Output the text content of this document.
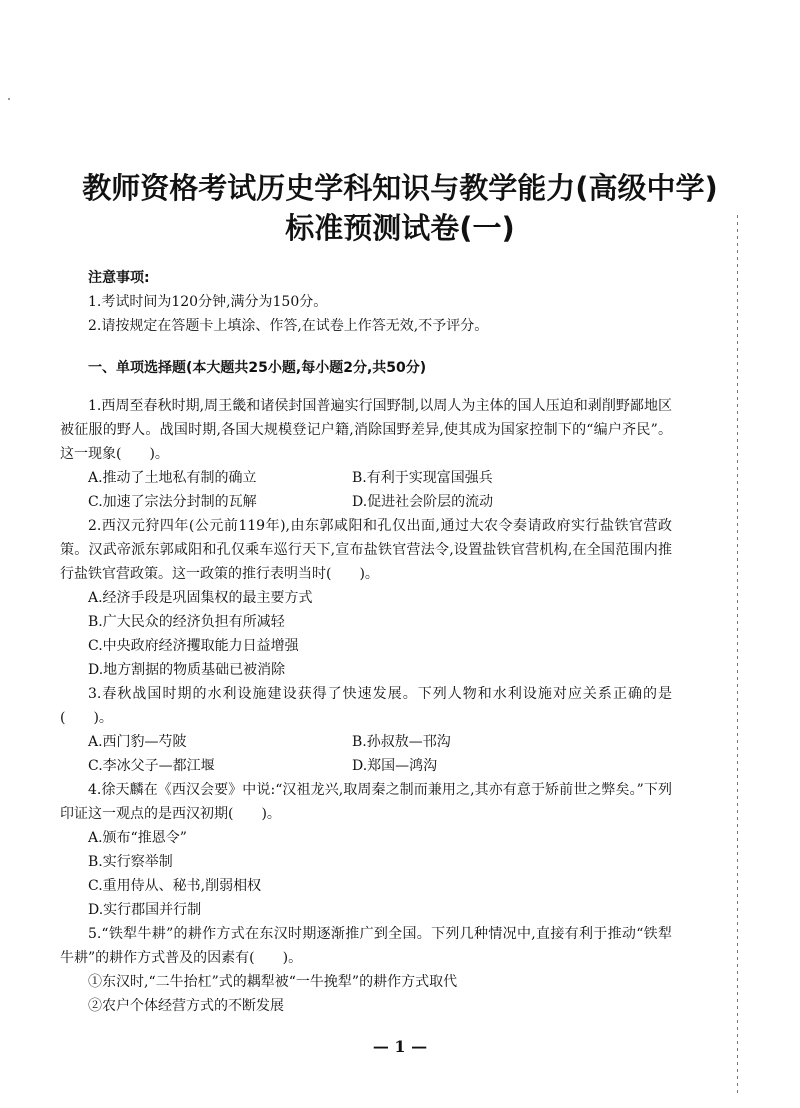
教师资格考试历史学科知识与教学能力(高级中学)
标准预测试卷(一)
注意事项:
1.考试时间为120分钟,满分为150分。
2.请按规定在答题卡上填涂、作答,在试卷上作答无效,不予评分。
一、单项选择题(本大题共25小题,每小题2分,共50分)

1.西周至春秋时期,周王畿和诸侯封国普遍实行国野制,以周人为主体的国人压迫和剥削野鄙地区被征服的野人。战国时期,各国大规模登记户籍,消除国野差异,使其成为国家控制下的“编户齐民”。这一现象(　　)。

A.推动了土地私有制的确立	B.有利于实现富国强兵
C.加速了宗法分封制的瓦解	D.促进社会阶层的流动

2.西汉元狩四年(公元前119年),由东郭咸阳和孔仅出面,通过大农令奏请政府实行盐铁官营政策。汉武帝派东郭咸阳和孔仅乘车巡行天下,宣布盐铁官营法令,设置盐铁官营机构,在全国范围内推行盐铁官营政策。这一政策的推行表明当时(　　)。

A.经济手段是巩固集权的最主要方式

B.广大民众的经济负担有所减轻

C.中央政府经济攫取能力日益增强

D.地方割据的物质基础已被消除

3.春秋战国时期的水利设施建设获得了快速发展。下列人物和水利设施对应关系正确的是(　　)。

A.西门豹—芍陂	B.孙叔敖—邗沟
C.李冰父子—都江堰	D.郑国—鸿沟

4.徐天麟在《西汉会要》中说:“汉祖龙兴,取周秦之制而兼用之,其亦有意于矫前世之弊矣。”下列印证这一观点的是西汉初期(　　)。

A.颁布“推恩令”

B.实行察举制

C.重用侍从、秘书,削弱相权

D.实行郡国并行制

5.“铁犁牛耕”的耕作方式在东汉时期逐渐推广到全国。下列几种情况中,直接有利于推动“铁犁牛耕”的耕作方式普及的因素有(　　)。

①东汉时,“二牛抬杠”式的耦犁被“一牛挽犁”的耕作方式取代

②农户个体经营方式的不断发展

— 1 —
